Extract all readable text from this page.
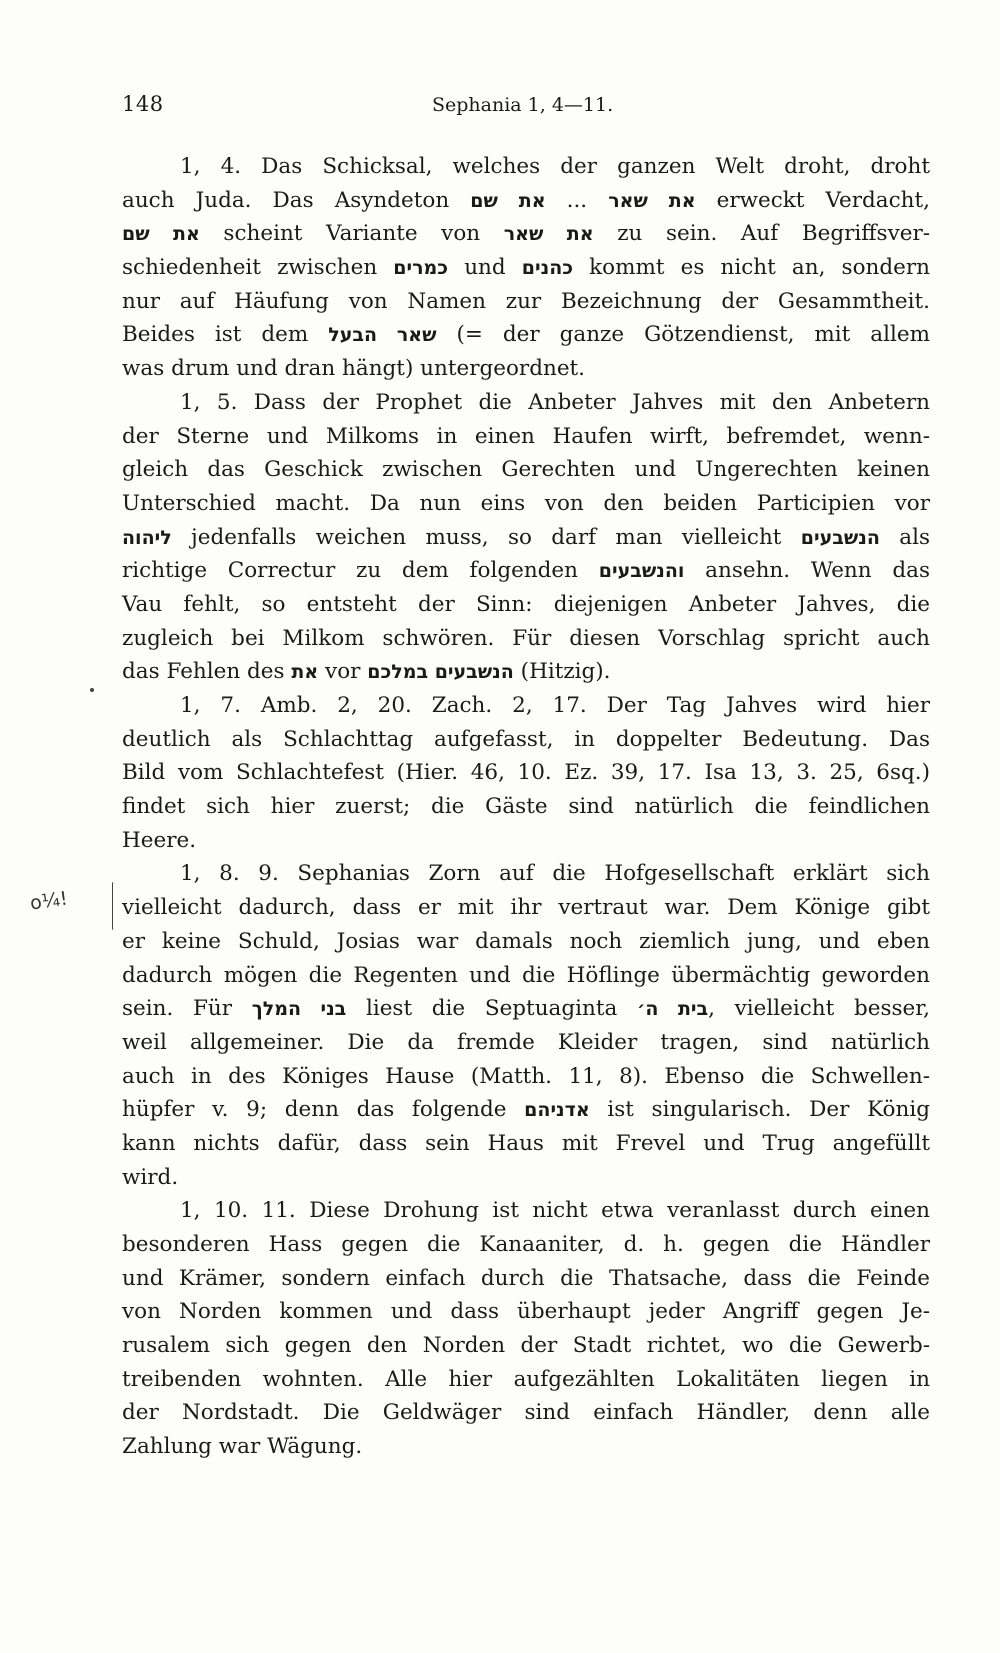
148	Sephania 1, 4—11.
o¼!
1, 4. Das Schicksal, welches der ganzen Welt droht, droht
auch Juda. Das Asyndeton את שם ... את שאר erweckt Verdacht,
את שם scheint Variante von את שאר zu sein. Auf Begriffsver-
schiedenheit zwischen כמרים und כהנים kommt es nicht an, sondern
nur auf Häufung von Namen zur Bezeichnung der Gesammtheit.
Beides ist dem שאר הבעל (= der ganze Götzendienst, mit allem
was drum und dran hängt) untergeordnet.
1, 5. Dass der Prophet die Anbeter Jahves mit den Anbetern
der Sterne und Milkoms in einen Haufen wirft, befremdet, wenn-
gleich das Geschick zwischen Gerechten und Ungerechten keinen
Unterschied macht. Da nun eins von den beiden Participien vor
ליהוה jedenfalls weichen muss, so darf man vielleicht הנשבעים als
richtige Correctur zu dem folgenden והנשבעים ansehn. Wenn das
Vau fehlt, so entsteht der Sinn: diejenigen Anbeter Jahves, die
zugleich bei Milkom schwören. Für diesen Vorschlag spricht auch
das Fehlen des את vor הנשבעים במלכם (Hitzig).
1, 7. Amb. 2, 20. Zach. 2, 17. Der Tag Jahves wird hier
deutlich als Schlachttag aufgefasst, in doppelter Bedeutung. Das
Bild vom Schlachtefest (Hier. 46, 10. Ez. 39, 17. Isa 13, 3. 25, 6sq.)
findet sich hier zuerst; die Gäste sind natürlich die feindlichen
Heere.
1, 8. 9. Sephanias Zorn auf die Hofgesellschaft erklärt sich
vielleicht dadurch, dass er mit ihr vertraut war. Dem Könige gibt
er keine Schuld, Josias war damals noch ziemlich jung, und eben
dadurch mögen die Regenten und die Höflinge übermächtig geworden
sein. Für בני המלך liest die Septuaginta בית ה׳, vielleicht besser,
weil allgemeiner. Die da fremde Kleider tragen, sind natürlich
auch in des Königes Hause (Matth. 11, 8). Ebenso die Schwellen-
hüpfer v. 9; denn das folgende אדניהם ist singularisch. Der König
kann nichts dafür, dass sein Haus mit Frevel und Trug angefüllt
wird.
1, 10. 11. Diese Drohung ist nicht etwa veranlasst durch einen
besonderen Hass gegen die Kanaaniter, d. h. gegen die Händler
und Krämer, sondern einfach durch die Thatsache, dass die Feinde
von Norden kommen und dass überhaupt jeder Angriff gegen Je-
rusalem sich gegen den Norden der Stadt richtet, wo die Gewerb-
treibenden wohnten. Alle hier aufgezählten Lokalitäten liegen in
der Nordstadt. Die Geldwäger sind einfach Händler, denn alle
Zahlung war Wägung.
